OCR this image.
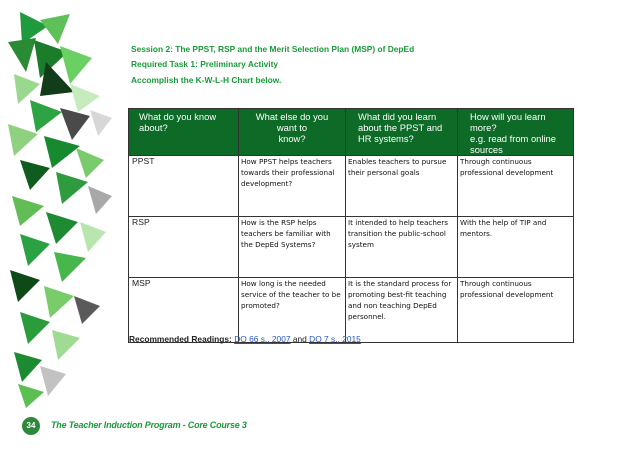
Session 2: The PPST, RSP and the Merit Selection Plan (MSP) of DepEd
Required Task 1: Preliminary Activity
Accomplish the K-W-L-H Chart below.
What do you know
about?	What else do you
want to
know?	What did you learn
about the PPST and
HR systems?	How will you learn
more?
e.g. read from online
sources

PPST	How PPST helps teachers
towards their professional
development?	Enables teachers to pursue
their personal goals	Through continuous
professional development

RSP	How is the RSP helps
teachers be familiar with
the DepEd Systems?	It intended to help teachers
transition the public-school
system	With the help of TIP and
mentors.

MSP	How long is the needed
service of the teacher to be
promoted?	It is the standard process for
promoting best-fit teaching
and non teaching DepEd
personnel.	Through continuous
professional development
Recommended Readings: DO 66 s., 2007 and DO 7 s., 2015
34	The Teacher Induction Program - Core Course 3
